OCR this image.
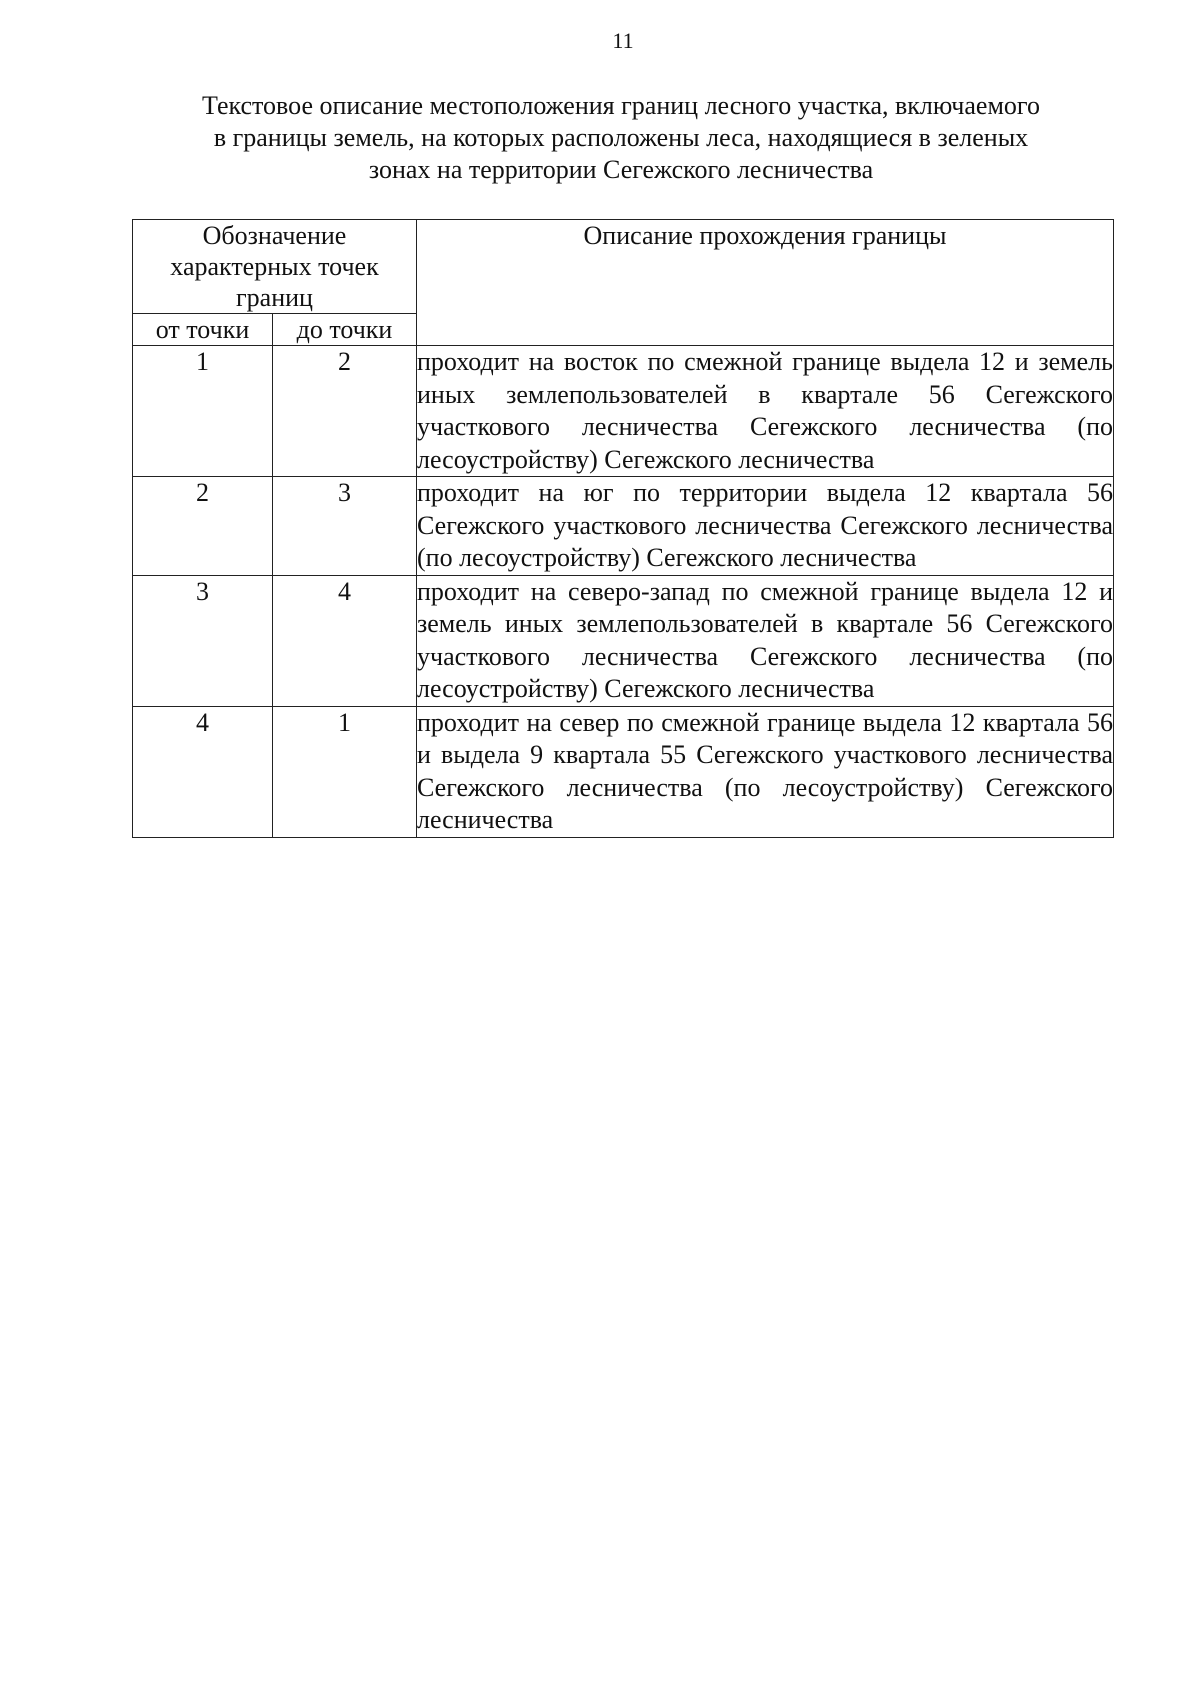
11
Текстовое описание местоположения границ лесного участка, включаемого
в границы земель, на которых расположены леса, находящиеся в зеленых
зонах на территории Сегежского лесничества
Обозначение характерных точек границ		Описание прохождения границы
от точки	до точки	
1	2	проходит на восток по смежной границе выдела 12 и земель иных землепользователей в квартале 56 Сегежского участкового лесничества Сегежского лесничества (по лесоустройству) Сегежского лесничества
2	3	проходит на юг по территории выдела 12 квартала 56 Сегежского участкового лесничества Сегежского лесничества (по лесоустройству) Сегежского лесничества
3	4	проходит на северо-запад по смежной границе выдела 12 и земель иных землепользователей в квартале 56 Сегежского участкового лесничества Сегежского лесничества (по лесоустройству) Сегежского лесничества
4	1	проходит на север по смежной границе выдела 12 квартала 56 и выдела 9 квартала 55 Сегежского участкового лесничества Сегежского лесничества (по лесоустройству) Сегежского лесничества
